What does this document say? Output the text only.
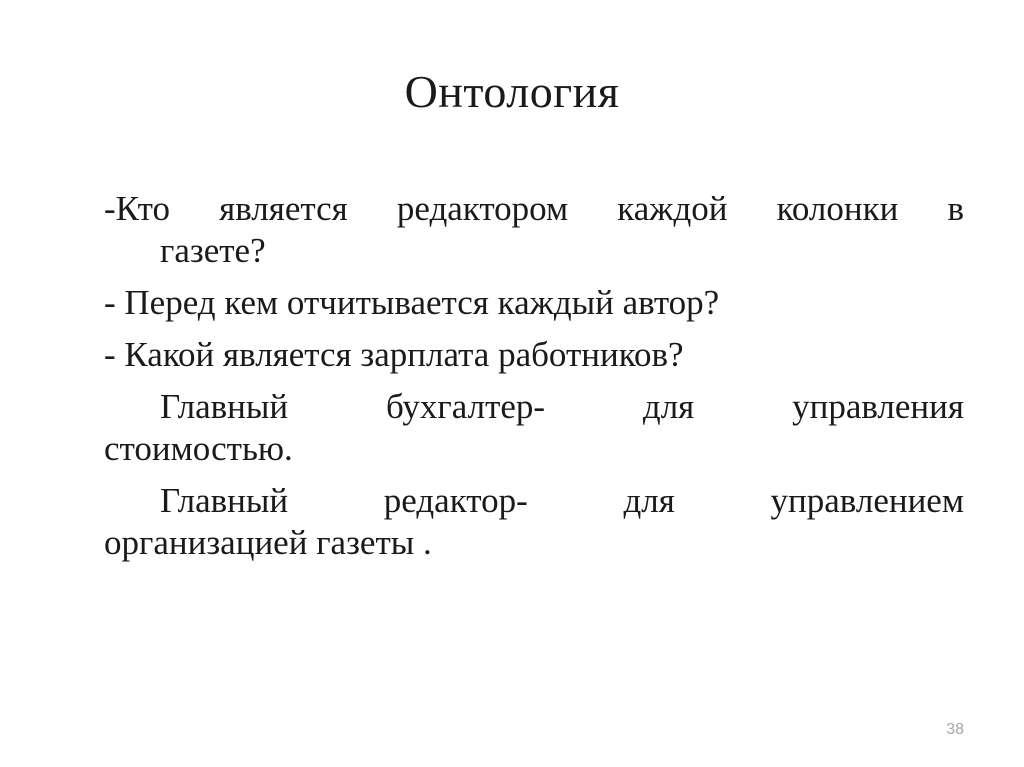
Онтология
-Кто является редактором каждой колонки в
газете?
- Перед кем отчитывается каждый автор?
- Какой является зарплата работников?
Главный бухгалтер- для управления
стоимостью.
Главный редактор- для управлением
организацией газеты .
38
